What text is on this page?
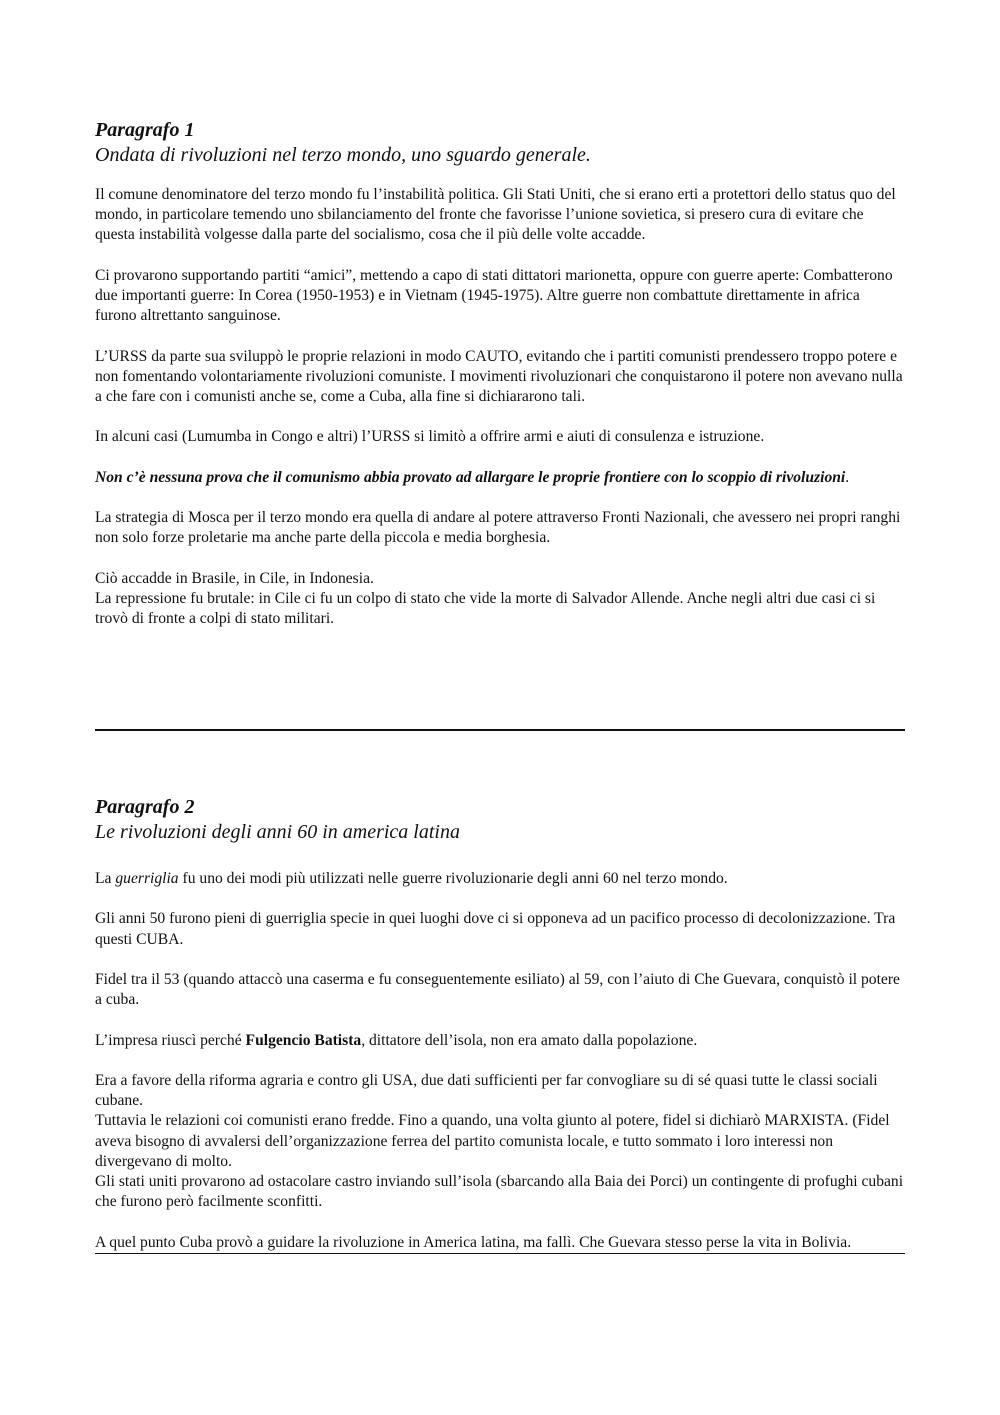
Paragrafo 1
Ondata di rivoluzioni nel terzo mondo, uno sguardo generale.

Il comune denominatore del terzo mondo fu l’instabilità politica. Gli Stati Uniti, che si erano erti a protettori dello status quo del mondo, in particolare temendo uno sbilanciamento del fronte che favorisse l’unione sovietica, si presero cura di evitare che questa instabilità volgesse dalla parte del socialismo, cosa che il più delle volte accadde.

Ci provarono supportando partiti “amici”, mettendo a capo di stati dittatori marionetta, oppure con guerre aperte: Combatterono due importanti guerre: In Corea (1950-1953) e in Vietnam (1945-1975). Altre guerre non combattute direttamente in africa furono altrettanto sanguinose.

L’URSS da parte sua sviluppò le proprie relazioni in modo CAUTO, evitando che i partiti comunisti prendessero troppo potere e non fomentando volontariamente rivoluzioni comuniste. I movimenti rivoluzionari che conquistarono il potere non avevano nulla a che fare con i comunisti anche se, come a Cuba, alla fine si dichiararono tali.

In alcuni casi (Lumumba in Congo e altri) l’URSS si limitò a offrire armi e aiuti di consulenza e istruzione.

Non c’è nessuna prova che il comunismo abbia provato ad allargare le proprie frontiere con lo scoppio di rivoluzioni.

La strategia di Mosca per il terzo mondo era quella di andare al potere attraverso Fronti Nazionali, che avessero nei propri ranghi non solo forze proletarie ma anche parte della piccola e media borghesia.

Ciò accadde in Brasile, in Cile, in Indonesia.

La repressione fu brutale: in Cile ci fu un colpo di stato che vide la morte di Salvador Allende. Anche negli altri due casi ci si trovò di fronte a colpi di stato militari.

Paragrafo 2
Le rivoluzioni degli anni 60 in america latina

La guerriglia fu uno dei modi più utilizzati nelle guerre rivoluzionarie degli anni 60 nel terzo mondo.

Gli anni 50 furono pieni di guerriglia specie in quei luoghi dove ci si opponeva ad un pacifico processo di decolonizzazione. Tra questi CUBA.

Fidel tra il 53 (quando attaccò una caserma e fu conseguentemente esiliato) al 59, con l’aiuto di Che Guevara, conquistò il potere a cuba.

L’impresa riuscì perché Fulgencio Batista, dittatore dell’isola, non era amato dalla popolazione.

Era a favore della riforma agraria e contro gli USA, due dati sufficienti per far convogliare su di sé quasi tutte le classi sociali cubane.

Tuttavia le relazioni coi comunisti erano fredde. Fino a quando, una volta giunto al potere, fidel si dichiarò MARXISTA. (Fidel aveva bisogno di avvalersi dell’organizzazione ferrea del partito comunista locale, e tutto sommato i loro interessi non divergevano di molto.

Gli stati uniti provarono ad ostacolare castro inviando sull’isola (sbarcando alla Baia dei Porci) un contingente di profughi cubani che furono però facilmente sconfitti.

A quel punto Cuba provò a guidare la rivoluzione in America latina, ma fallì. Che Guevara stesso perse la vita in Bolivia.
